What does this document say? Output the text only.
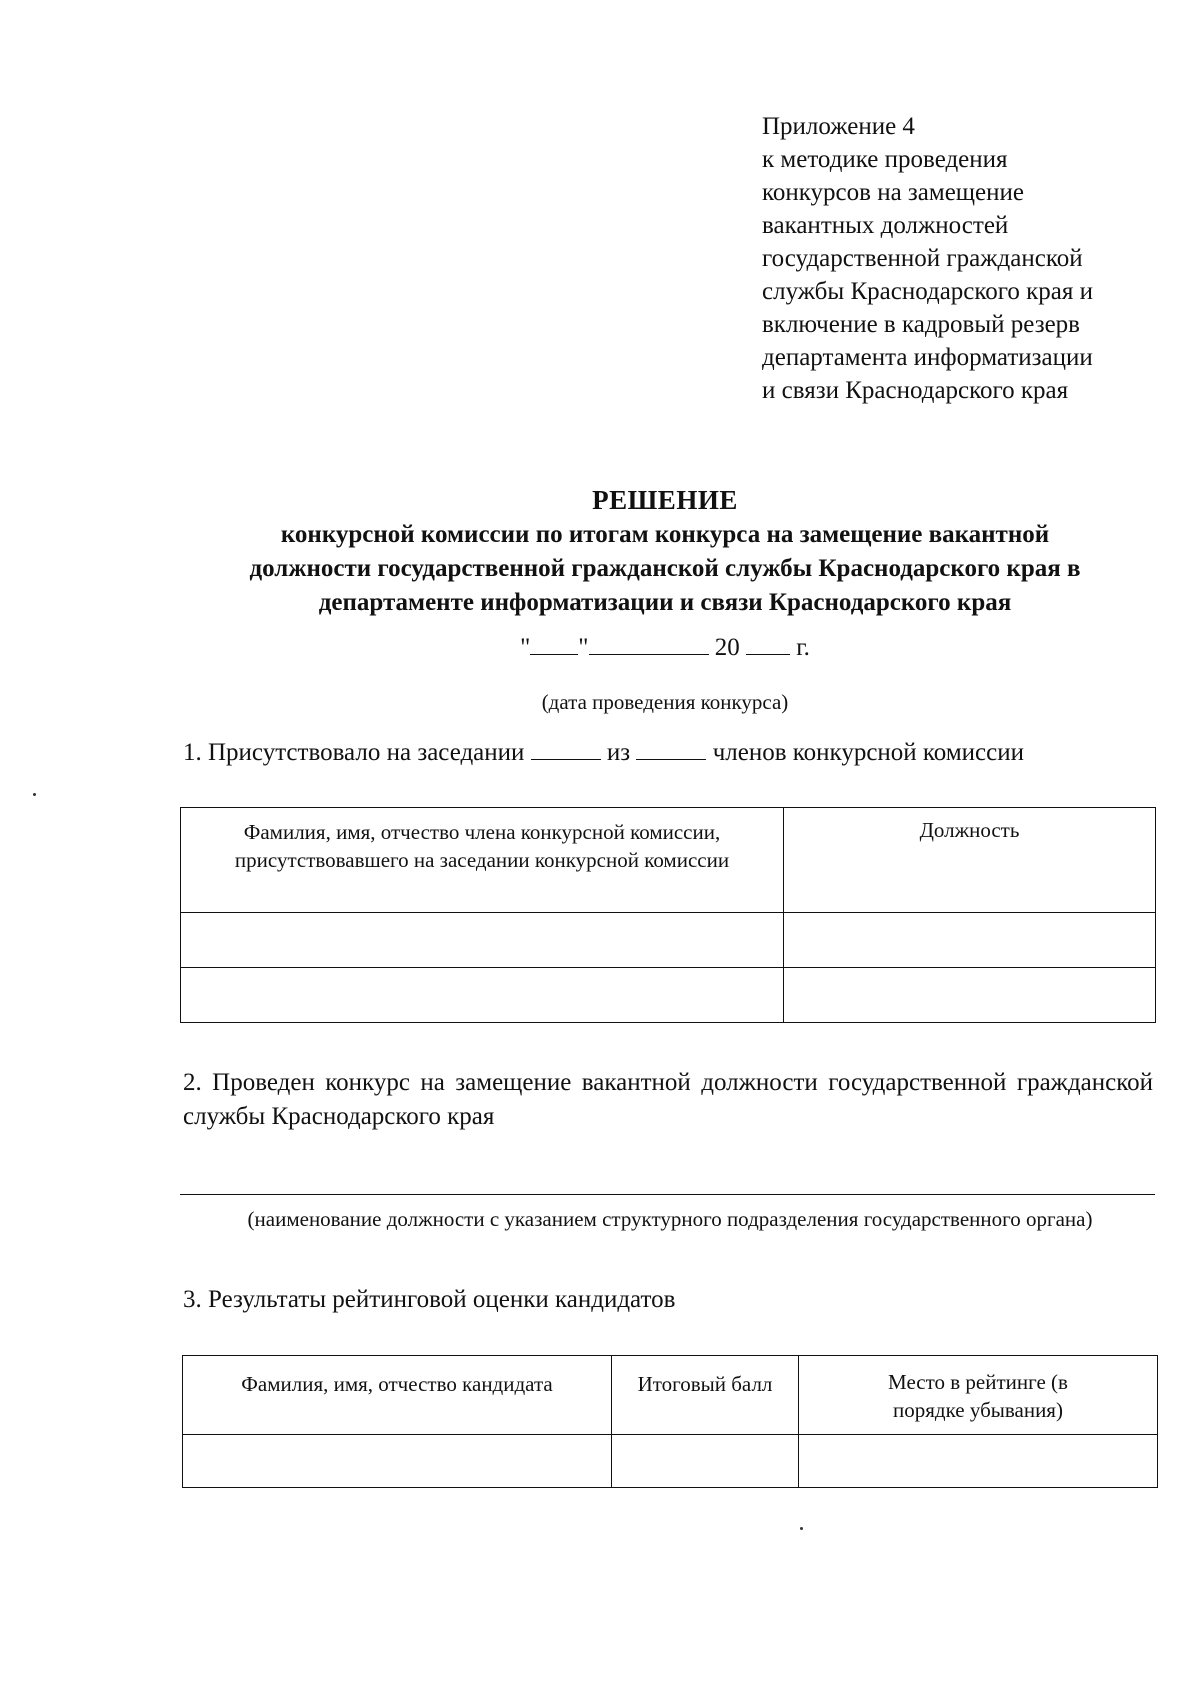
Приложение 4
к методике проведения
конкурсов на замещение
вакантных должностей
государственной гражданской
службы Краснодарского края и
включение в кадровый резерв
департамента информатизации
и связи Краснодарского края
РЕШЕНИЕ
конкурсной комиссии по итогам конкурса на замещение вакантной
должности государственной гражданской службы Краснодарского края в
департаменте информатизации и связи Краснодарского края
" "	20 г.
(дата проведения конкурса)
1. Присутствовало на заседании	из	членов конкурсной комиссии
Фамилия, имя, отчество члена конкурсной комиссии, присутствовавшего на заседании конкурсной комиссии	Должность

2. Проведен конкурс на замещение вакантной должности государственной гражданской службы Краснодарского края
(наименование должности с указанием структурного подразделения государственного органа)
3. Результаты рейтинговой оценки кандидатов
Фамилия, имя, отчество кандидата	Итоговый балл	Место в рейтинге (в порядке убывания)
